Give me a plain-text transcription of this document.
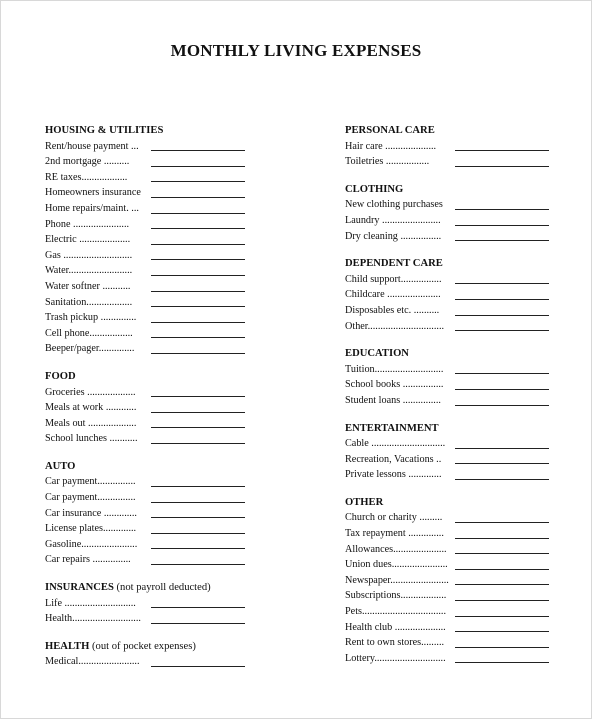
MONTHLY LIVING EXPENSES
HOUSING & UTILITIES
Rent/house payment ...
2nd mortgage ..........
RE taxes..................
Homeowners insurance
Home repairs/maint. ...
Phone ......................
Electric ....................
Gas ...........................
Water.........................
Water softner ...........
Sanitation..................
Trash pickup ..............
Cell phone.................
Beeper/pager..............
FOOD
Groceries ...................
Meals at work ............
Meals out ...................
School lunches ...........
AUTO
Car payment...............
Car payment...............
Car insurance .............
License plates.............
Gasoline......................
Car repairs ...............
INSURANCES (not payroll deducted)
Life ............................
Health...........................
HEALTH (out of pocket expenses)
Medical........................
PERSONAL CARE
Hair care ....................
Toiletries .................
CLOTHING
New clothing purchases
Laundry .......................
Dry cleaning ................
DEPENDENT CARE
Child support................
Childcare .....................
Disposables etc. ..........
Other..............................
EDUCATION
Tuition...........................
School books ................
Student loans ...............
ENTERTAINMENT
Cable .............................
Recreation, Vacations ..
Private lessons .............
OTHER
Church or charity .........
Tax repayment ..............
Allowances.....................
Union dues......................
Newspaper.......................
Subscriptions..................
Pets.................................
Health club ....................
Rent to own stores.........
Lottery............................
